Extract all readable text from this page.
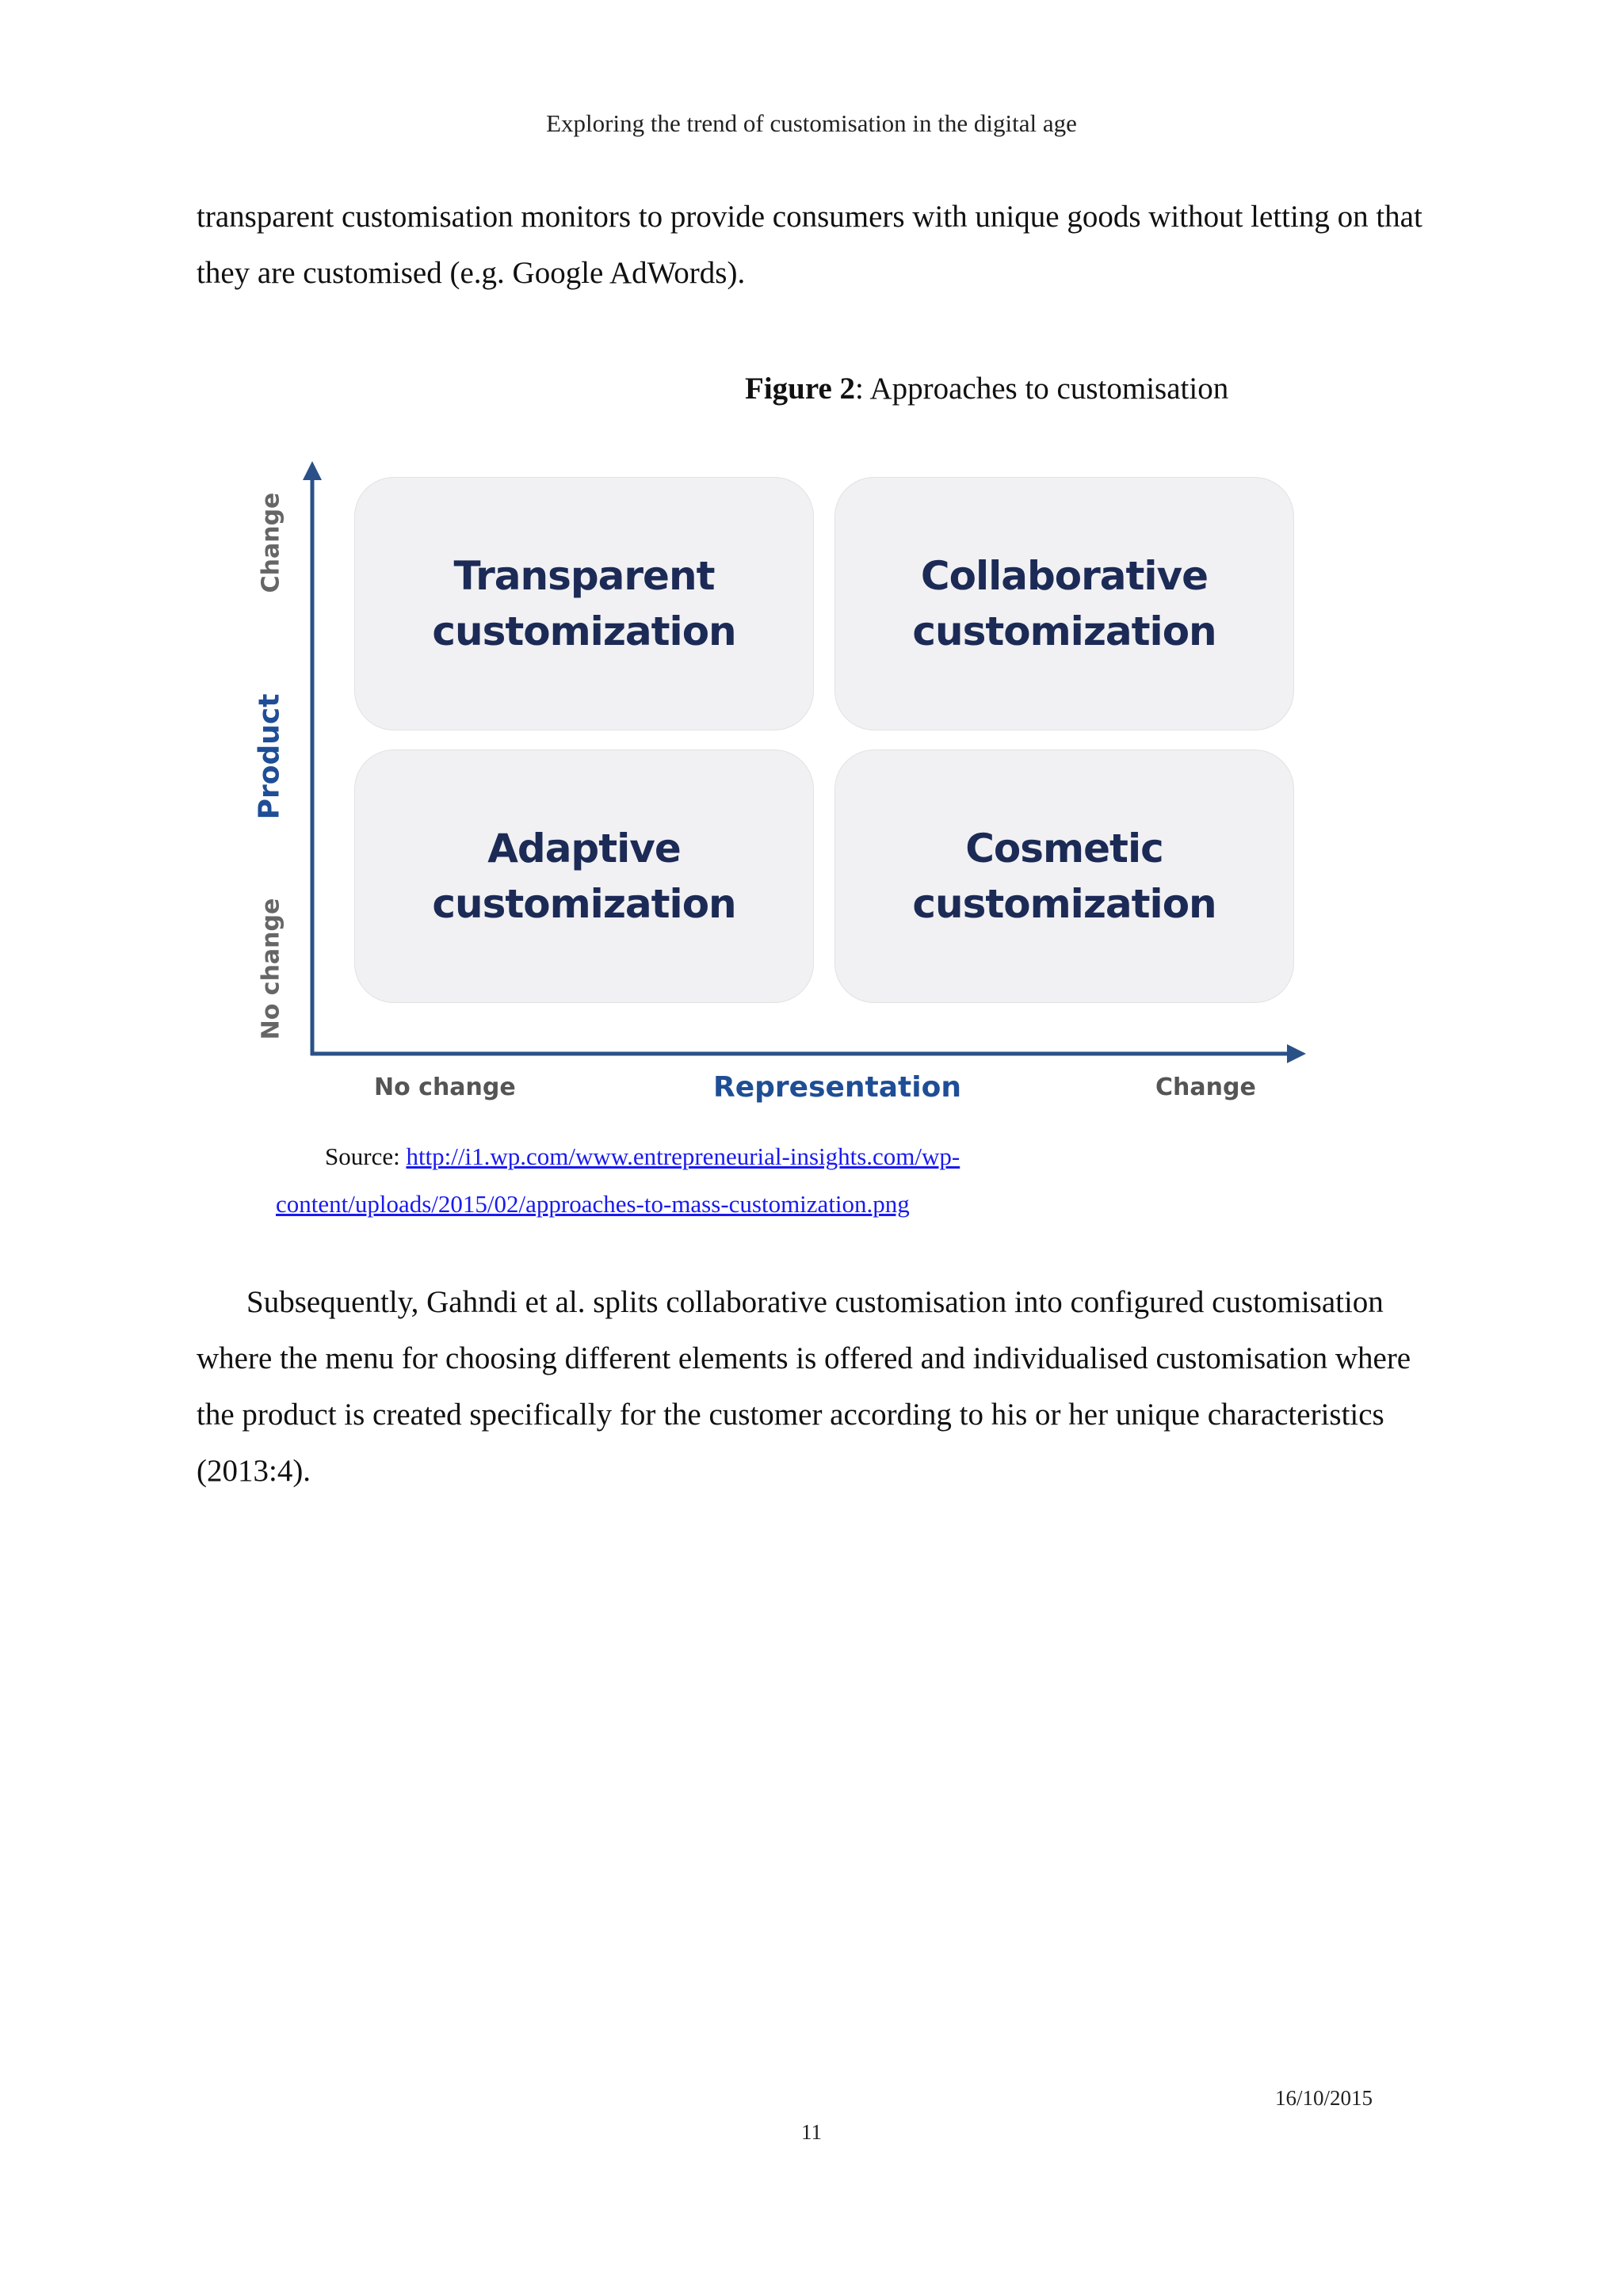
Exploring the trend of customisation in the digital age
transparent customisation monitors to provide consumers with unique goods without letting on that they are customised (e.g. Google AdWords).
Figure 2: Approaches to customisation
Transparent
customization
Collaborative
customization
Adaptive
customization
Cosmetic
customization
Change
Product
No change
No change	Representation	Change
Source: http://i1.wp.com/www.entrepreneurial-insights.com/wp-
content/uploads/2015/02/approaches-to-mass-customization.png
Subsequently, Gahndi et al. splits collaborative customisation into configured customisation where the menu for choosing different elements is offered and individualised customisation where the product is created specifically for the customer according to his or her unique characteristics (2013:4).
16/10/2015
11
